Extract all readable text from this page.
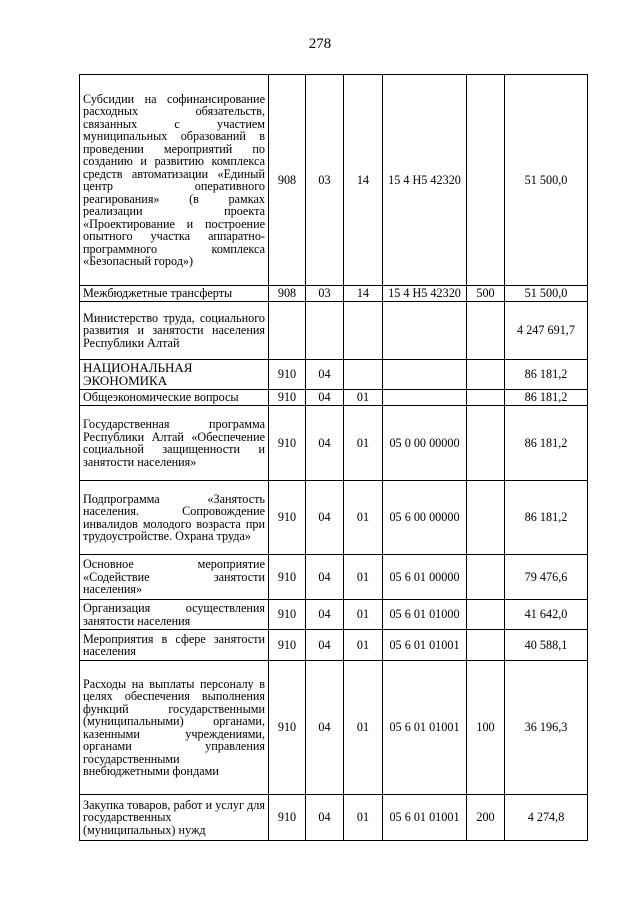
278
Субсидии на софинансирование расходных обязательств, связанных с участием муниципальных образований в проведении мероприятий по созданию и развитию комплекса средств автоматизации «Единый центр оперативного реагирования» (в рамках реализации проекта «Проектирование и построение опытного участка аппаратно-программного комплекса «Безопасный город»)	908	03	14	15 4 Н5 42320		51 500,0
Межбюджетные трансферты	908	03	14	15 4 Н5 42320	500	51 500,0
Министерство труда, социального развития и занятости населения Республики Алтай						4 247 691,7
НАЦИОНАЛЬНАЯ ЭКОНОМИКА	910	04				86 181,2
Общеэкономические вопросы	910	04	01			86 181,2
Государственная программа Республики Алтай «Обеспечение социальной защищенности и занятости населения»	910	04	01	05 0 00 00000		86 181,2
Подпрограмма «Занятость населения. Сопровождение инвалидов молодого возраста при трудоустройстве. Охрана труда»	910	04	01	05 6 00 00000		86 181,2
Основное мероприятие «Содействие занятости населения»	910	04	01	05 6 01 00000		79 476,6
Организация осуществления занятости населения	910	04	01	05 6 01 01000		41 642,0
Мероприятия в сфере занятости населения	910	04	01	05 6 01 01001		40 588,1
Расходы на выплаты персоналу в целях обеспечения выполнения функций государственными (муниципальными) органами, казенными учреждениями, органами управления государственными внебюджетными фондами	910	04	01	05 6 01 01001	100	36 196,3
Закупка товаров, работ и услуг для государственных (муниципальных) нужд	910	04	01	05 6 01 01001	200	4 274,8
